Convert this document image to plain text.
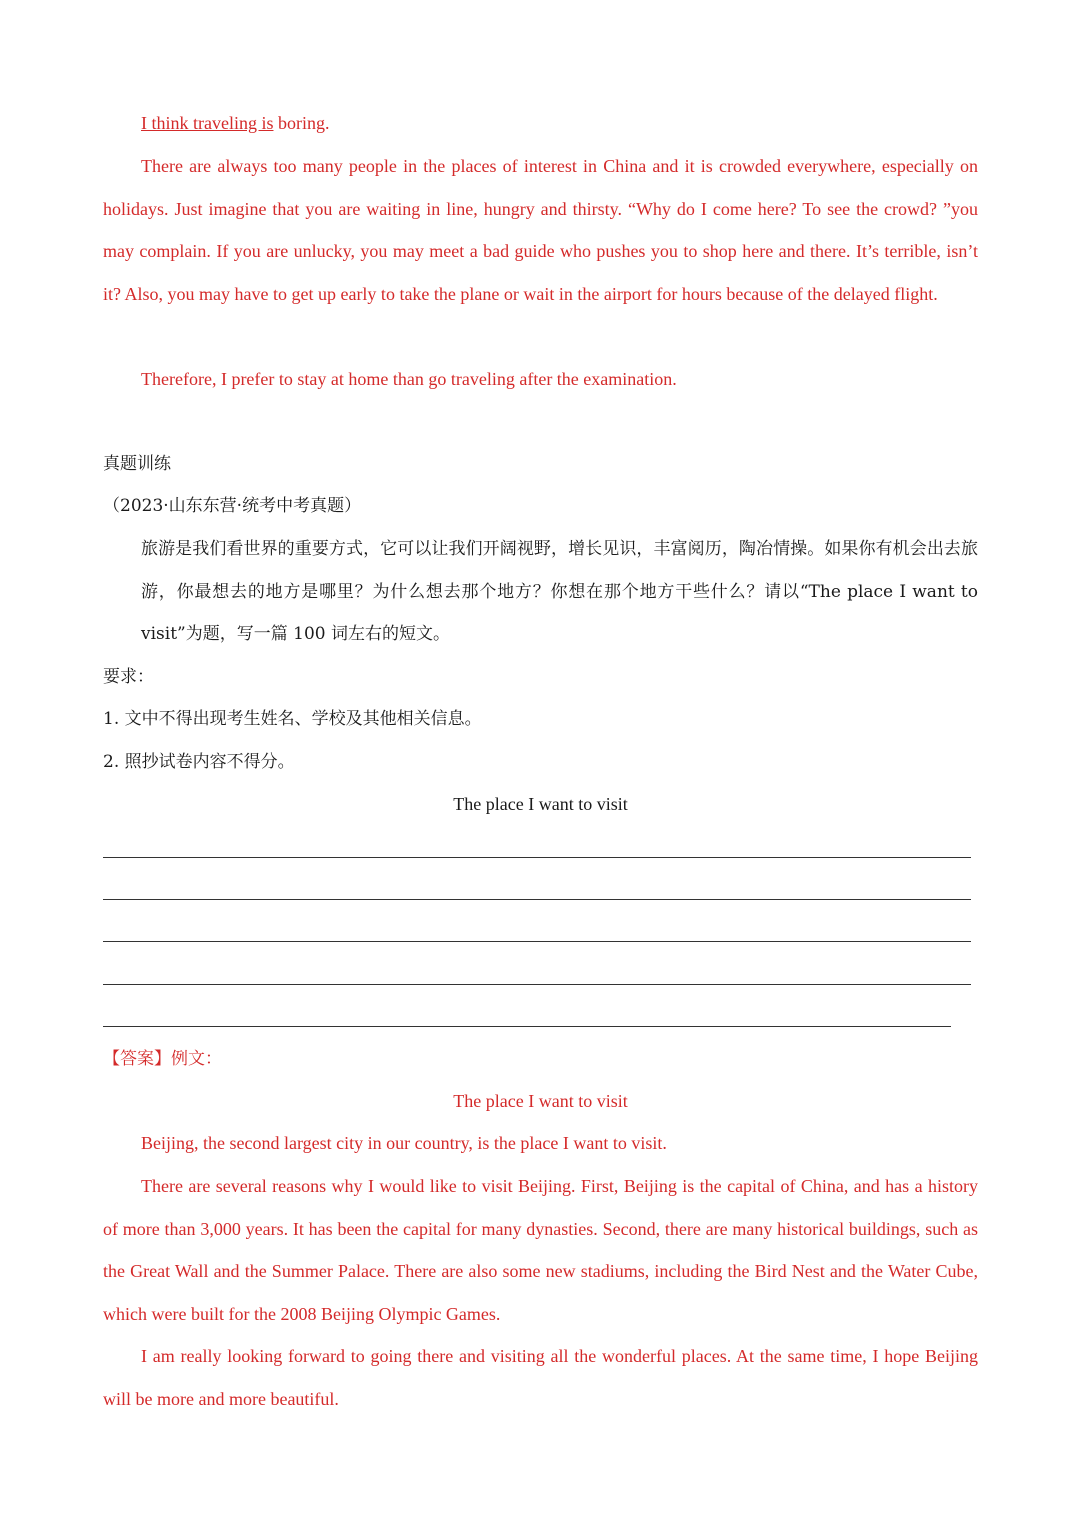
I think traveling is boring.

There are always too many people in the places of interest in China and it is crowded everywhere, especially on holidays. Just imagine that you are waiting in line, hungry and thirsty. “Why do I come here? To see the crowd? ”you may complain. If you are unlucky, you may meet a bad guide who pushes you to shop here and there. It’s terrible, isn’t it? Also, you may have to get up early to take the plane or wait in the airport for hours because of the delayed flight.

Therefore, I prefer to stay at home than go traveling after the examination.

真题训练

（2023·山东东营·统考中考真题）

旅游是我们看世界的重要方式，它可以让我们开阔视野，增长见识，丰富阅历，陶冶情操。如果你有机会出去旅游，你最想去的地方是哪里？为什么想去那个地方？你想在那个地方干些什么？请以“The place I want to visit”为题，写一篇 100 词左右的短文。

要求：

1. 文中不得出现考生姓名、学校及其他相关信息。

2. 照抄试卷内容不得分。

The place I want to visit

【答案】例文：

The place I want to visit

Beijing, the second largest city in our country, is the place I want to visit.

There are several reasons why I would like to visit Beijing. First, Beijing is the capital of China, and has a history of more than 3,000 years. It has been the capital for many dynasties. Second, there are many historical buildings, such as the Great Wall and the Summer Palace. There are also some new stadiums, including the Bird Nest and the Water Cube, which were built for the 2008 Beijing Olympic Games.

I am really looking forward to going there and visiting all the wonderful places. At the same time, I hope Beijing will be more and more beautiful.
